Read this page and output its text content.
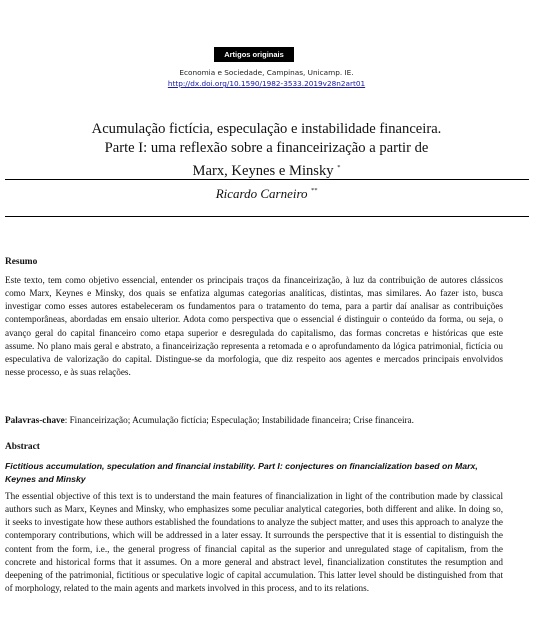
Artigos originais
Economia e Sociedade, Campinas, Unicamp. IE.
http://dx.doi.org/10.1590/1982-3533.2019v28n2art01
Acumulação fictícia, especulação e instabilidade financeira.
Parte I: uma reflexão sobre a financeirização a partir de
Marx, Keynes e Minsky *
Ricardo Carneiro **
Resumo
Este texto, tem como objetivo essencial, entender os principais traços da financeirização, à luz da contribuição de autores clássicos como Marx, Keynes e Minsky, dos quais se enfatiza algumas categorias analíticas, distintas, mas similares. Ao fazer isto, busca investigar como esses autores estabeleceram os fundamentos para o tratamento do tema, para a partir daí analisar as contribuições contemporâneas, abordadas em ensaio ulterior. Adota como perspectiva que o essencial é distinguir o conteúdo da forma, ou seja, o avanço geral do capital financeiro como etapa superior e desregulada do capitalismo, das formas concretas e históricas que este assume. No plano mais geral e abstrato, a financeirização representa a retomada e o aprofundamento da lógica patrimonial, fictícia ou especulativa de valorização do capital. Distingue-se da morfologia, que diz respeito aos agentes e mercados principais envolvidos nesse processo, e às suas relações.
Palavras-chave: Financeirização; Acumulação fictícia; Especulação; Instabilidade financeira; Crise financeira.
Abstract
Fictitious accumulation, speculation and financial instability. Part I: conjectures on financialization based on Marx, Keynes and Minsky
The essential objective of this text is to understand the main features of financialization in light of the contribution made by classical authors such as Marx, Keynes and Minsky, who emphasizes some peculiar analytical categories, both different and alike. In doing so, it seeks to investigate how these authors established the foundations to analyze the subject matter, and uses this approach to analyze the contemporary contributions, which will be addressed in a later essay. It surrounds the perspective that it is essential to distinguish the content from the form, i.e., the general progress of financial capital as the superior and unregulated stage of capitalism, from the concrete and historical forms that it assumes. On a more general and abstract level, financialization constitutes the resumption and deepening of the patrimonial, fictitious or speculative logic of capital accumulation. This latter level should be distinguished from that of morphology, related to the main agents and markets involved in this process, and to its relations.
